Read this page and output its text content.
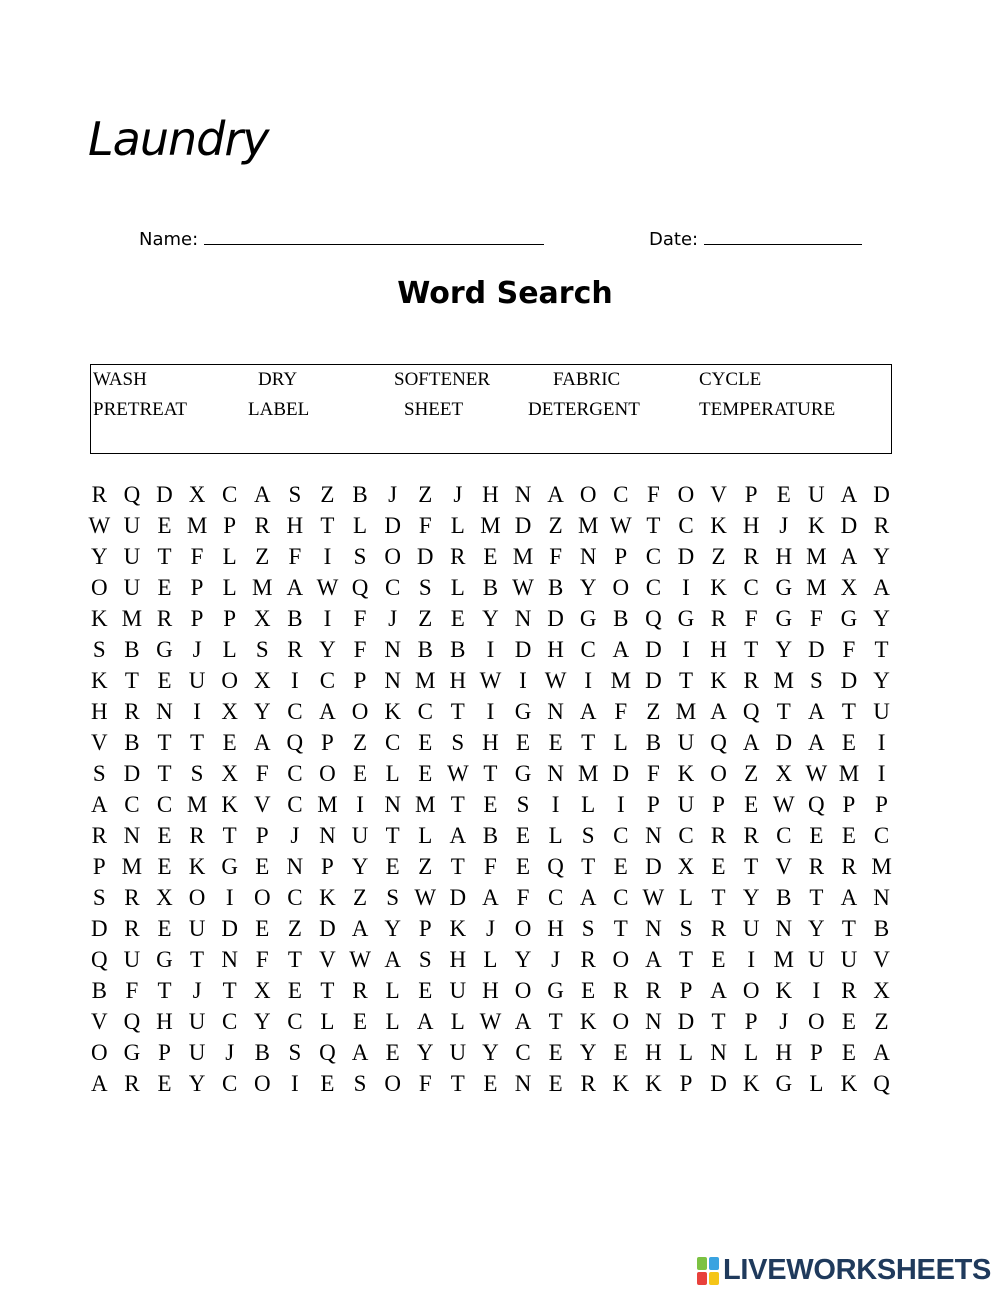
Laundry
Name:	Date:
Word Search
WASH	DRY	SOFTENER	FABRIC	CYCLE
PRETREAT	LABEL	SHEET	DETERGENT	TEMPERATURE
R Q D X C A S Z B J Z J H N A O C F O V P E U A D
W U E M P R H T L D F L M D Z M W T C K H J K D R
Y U T F L Z F I S O D R E M F N P C D Z R H M A Y
O U E P L M A W Q C S L B W B Y O C I K C G M X A
K M R P P X B I F J Z E Y N D G B Q G R F G F G Y
S B G J L S R Y F N B B I D H C A D I H T Y D F T
K T E U O X I C P N M H W I W I M D T K R M S D Y
H R N I X Y C A O K C T I G N A F Z M A Q T A T U
V B T T E A Q P Z C E S H E E T L B U Q A D A E I
S D T S X F C O E L E W T G N M D F K O Z X W M I
A C C M K V C M I N M T E S I L I P U P E W Q P P
R N E R T P J N U T L A B E L S C N C R R C E E C
P M E K G E N P Y E Z T F E Q T E D X E T V R R M
S R X O I O C K Z S W D A F C A C W L T Y B T A N
D R E U D E Z D A Y P K J O H S T N S R U N Y T B
Q U G T N F T V W A S H L Y J R O A T E I M U U V
B F T J T X E T R L E U H O G E R R P A O K I R X
V Q H U C Y C L E L A L W A T K O N D T P J O E Z
O G P U J B S Q A E Y U Y C E Y E H L N L H P E A
A R E Y C O I E S O F T E N E R K K P D K G L K Q
LIVEWORKSHEETS
